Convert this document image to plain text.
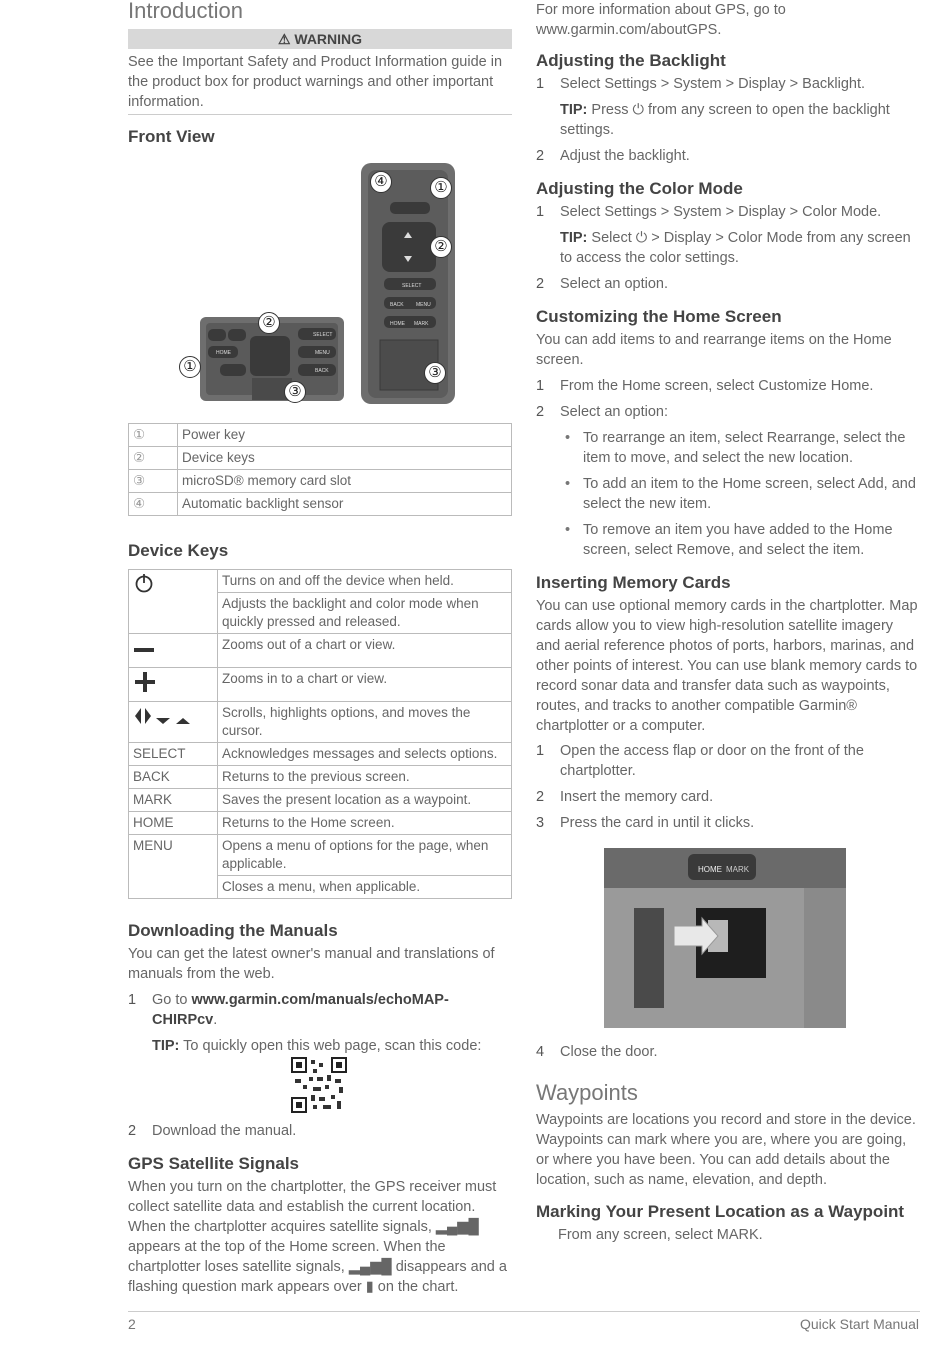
Introduction
⚠ WARNING

See the Important Safety and Product Information guide in the product box for product warnings and other important information.

Front View
SELECT
MENU
BACK
HOME
SELECT
BACK MENU
HOME MARK
①
②
③
④	①
②
③
①	Power key
②	Device keys
③	microSD® memory card slot
④	Automatic backlight sensor
Device Keys
	Turns on and off the device when held.
	Adjusts the backlight and color mode when quickly pressed and released.
	Zooms out of a chart or view.
	Zooms in to a chart or view.
	Scrolls, highlights options, and moves the cursor.
SELECT	Acknowledges messages and selects options.
BACK	Returns to the previous screen.
MARK	Saves the present location as a waypoint.
HOME	Returns to the Home screen.
MENU	Opens a menu of options for the page, when applicable.
	Closes a menu, when applicable.
Downloading the Manuals

You can get the latest owner's manual and translations of manuals from the web.

1	Go to www.garmin.com/manuals/echoMAP-CHIRPcv.
TIP: To quickly open this web page, scan this code:
2	Download the manual.
GPS Satellite Signals

When you turn on the chartplotter, the GPS receiver must collect satellite data and establish the current location. When the chartplotter acquires satellite signals, ▂▄▆█ appears at the top of the Home screen. When the chartplotter loses satellite signals, ▂▄▆█ disappears and a flashing question mark appears over ▮ on the chart.

For more information about GPS, go to www.garmin.com/aboutGPS.

Adjusting the Backlight
1	Select Settings > System > Display > Backlight.
TIP: Press ⏻ from any screen to open the backlight settings.
2	Adjust the backlight.
Adjusting the Color Mode
1	Select Settings > System > Display > Color Mode.
TIP: Select ⏻ > Display > Color Mode from any screen to access the color settings.
2	Select an option.
Customizing the Home Screen

You can add items to and rearrange items on the Home screen.

1	From the Home screen, select Customize Home.
2	Select an option:
• To rearrange an item, select Rearrange, select the item to move, and select the new location.
• To add an item to the Home screen, select Add, and select the new item.
• To remove an item you have added to the Home screen, select Remove, and select the item.
Inserting Memory Cards

You can use optional memory cards in the chartplotter. Map cards allow you to view high-resolution satellite imagery and aerial reference photos of ports, harbors, marinas, and other points of interest. You can use blank memory cards to record sonar data and transfer data such as waypoints, routes, and tracks to another compatible Garmin® chartplotter or a computer.

1	Open the access flap or door on the front of the chartplotter.
2	Insert the memory card.
3	Press the card in until it clicks.
HOME MARK
4	Close the door.
Waypoints

Waypoints are locations you record and store in the device. Waypoints can mark where you are, where you are going, or where you have been. You can add details about the location, such as name, elevation, and depth.

Marking Your Present Location as a Waypoint

From any screen, select MARK.

2	Quick Start Manual
